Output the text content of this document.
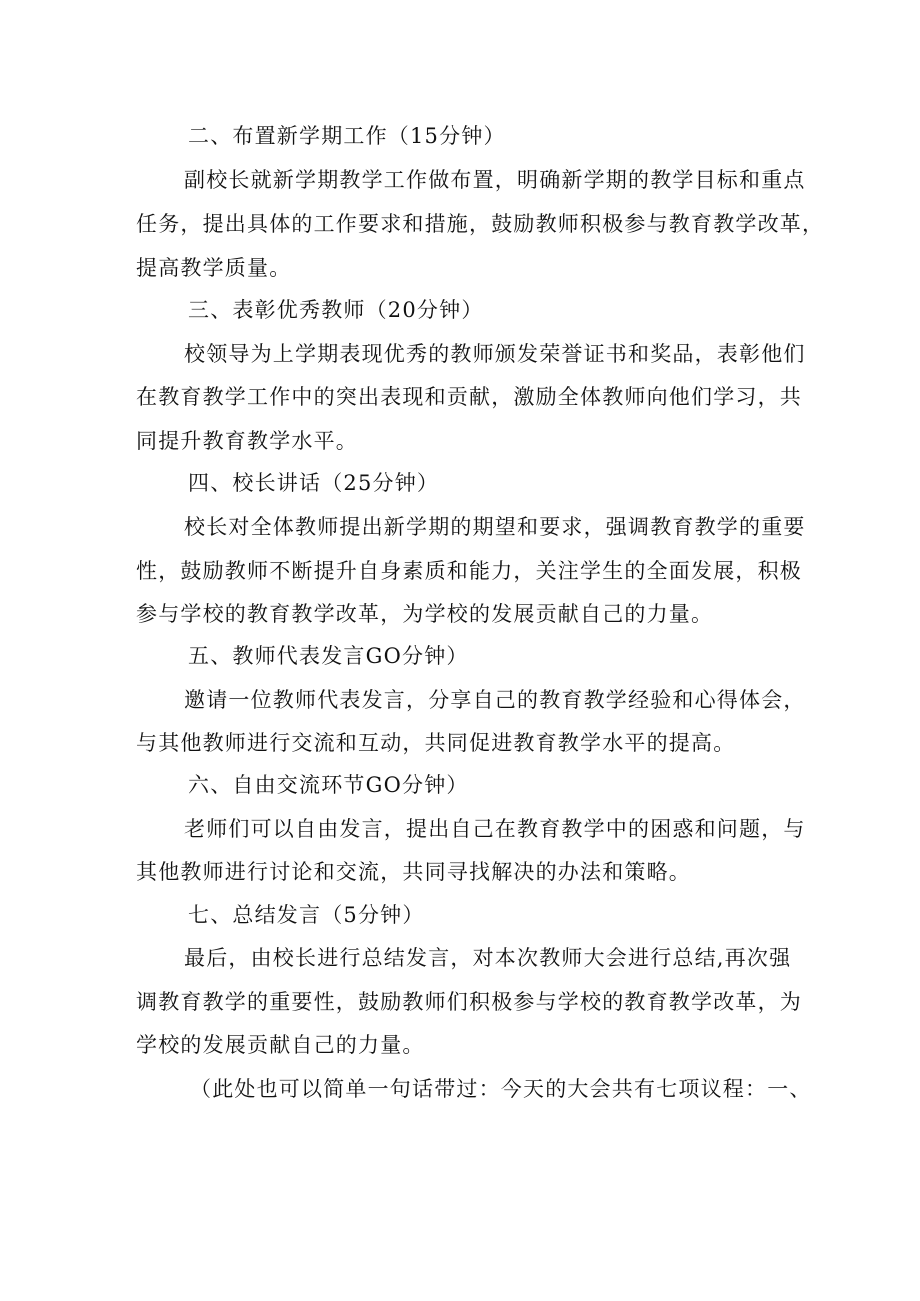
二、布置新学期工作（15分钟）
副校长就新学期教学工作做布置，明确新学期的教学目标和重点
任务，提出具体的工作要求和措施，鼓励教师积极参与教育教学改革，
提高教学质量。
三、表彰优秀教师（20分钟）
校领导为上学期表现优秀的教师颁发荣誉证书和奖品，表彰他们
在教育教学工作中的突出表现和贡献，激励全体教师向他们学习，共
同提升教育教学水平。
四、校长讲话（25分钟）
校长对全体教师提出新学期的期望和要求，强调教育教学的重要
性，鼓励教师不断提升自身素质和能力，关注学生的全面发展，积极
参与学校的教育教学改革，为学校的发展贡献自己的力量。
五、教师代表发言GO分钟）
邀请一位教师代表发言，分享自己的教育教学经验和心得体会，
与其他教师进行交流和互动，共同促进教育教学水平的提高。
六、自由交流环节GO分钟）
老师们可以自由发言，提出自己在教育教学中的困惑和问题，与
其他教师进行讨论和交流，共同寻找解决的办法和策略。
七、总结发言（5分钟）
最后，由校长进行总结发言，对本次教师大会进行总结,再次强
调教育教学的重要性，鼓励教师们积极参与学校的教育教学改革，为
学校的发展贡献自己的力量。
（此处也可以简单一句话带过：今天的大会共有七项议程：一、
